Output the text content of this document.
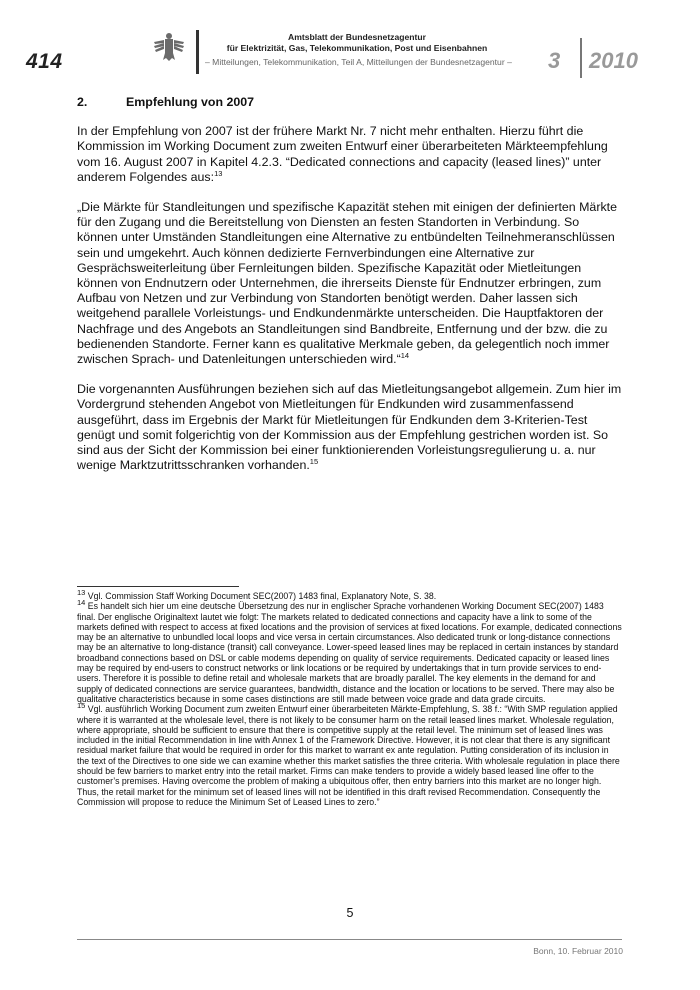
414
Amtsblatt der Bundesnetzagentur
für Elektrizität, Gas, Telekommunikation, Post und Eisenbahnen
– Mitteilungen, Telekommunikation, Teil A, Mitteilungen der Bundesnetzagentur – 3 2010
2.	Empfehlung von 2007

In der Empfehlung von 2007 ist der frühere Markt Nr. 7 nicht mehr enthalten. Hierzu führt die Kommission im Working Document zum zweiten Entwurf einer überarbeiteten Märkteempfehlung vom 16. August 2007 in Kapitel 4.2.3. “Dedicated connections and capacity (leased lines)” unter anderem Folgendes aus:$^{13}$

„Die Märkte für Standleitungen und spezifische Kapazität stehen mit einigen der definierten Märkte für den Zugang und die Bereitstellung von Diensten an festen Standorten in Verbindung. So können unter Umständen Standleitungen eine Alternative zu entbündelten Teilnehmeranschlüssen sein und umgekehrt. Auch können dedizierte Fernverbindungen eine Alternative zur Gesprächsweiterleitung über Fernleitungen bilden. Spezifische Kapazität oder Mietleitungen können von Endnutzern oder Unternehmen, die ihrerseits Dienste für Endnutzer erbringen, zum Aufbau von Netzen und zur Verbindung von Standorten benötigt werden. Daher lassen sich weitgehend parallele Vorleistungs- und Endkundenmärkte unterscheiden. Die Hauptfaktoren der Nachfrage und des Angebots an Standleitungen sind Bandbreite, Entfernung und der bzw. die zu bedienenden Standorte. Ferner kann es qualitative Merkmale geben, da gelegentlich noch immer zwischen Sprach- und Datenleitungen unterschieden wird.“$^{14}$

Die vorgenannten Ausführungen beziehen sich auf das Mietleitungsangebot allgemein. Zum hier im Vordergrund stehenden Angebot von Mietleitungen für Endkunden wird zusammenfassend ausgeführt, dass im Ergebnis der Markt für Mietleitungen für Endkunden dem 3-Kriterien-Test genügt und somit folgerichtig von der Kommission aus der Empfehlung gestrichen worden ist. So sind aus der Sicht der Kommission bei einer funktionierenden Vorleistungsregulierung u. a. nur wenige Marktzutrittsschranken vorhanden.$^{15}$

$^{13}$ Vgl. Commission Staff Working Document SEC(2007) 1483 final, Explanatory Note, S. 38.

$^{14}$ Es handelt sich hier um eine deutsche Übersetzung des nur in englischer Sprache vorhandenen Working Document SEC(2007) 1483 final. Der englische Originaltext lautet wie folgt: The markets related to dedicated connections and capacity have a link to some of the markets defined with respect to access at fixed locations and the provision of services at fixed locations. For example, dedicated connections may be an alternative to unbundled local loops and vice versa in certain circumstances. Also dedicated trunk or long-distance connections may be an alternative to long-distance (transit) call conveyance. Lower-speed leased lines may be replaced in certain instances by standard broadband connections based on DSL or cable modems depending on quality of service requirements. Dedicated capacity or leased lines may be required by end-users to construct networks or link locations or be required by undertakings that in turn provide services to end-users. Therefore it is possible to define retail and wholesale markets that are broadly parallel. The key elements in the demand for and supply of dedicated connections are service guarantees, bandwidth, distance and the location or locations to be served. There may also be qualitative characteristics because in some cases distinctions are still made between voice grade and data grade circuits.

$^{15}$ Vgl. ausführlich Working Document zum zweiten Entwurf einer überarbeiteten Märkte-Empfehlung, S. 38 f.: “With SMP regulation applied where it is warranted at the wholesale level, there is not likely to be consumer harm on the retail leased lines market. Wholesale regulation, where appropriate, should be sufficient to ensure that there is competitive supply at the retail level. The minimum set of leased lines was included in the initial Recommendation in line with Annex 1 of the Framework Directive. However, it is not clear that there is any significant residual market failure that would be required in order for this market to warrant ex ante regulation. Putting consideration of its inclusion in the text of the Directives to one side we can examine whether this market satisfies the three criteria. With wholesale regulation in place there should be few barriers to market entry into the retail market. Firms can make tenders to provide a widely based leased line offer to the customer’s premises. Having overcome the problem of making a ubiquitous offer, then entry barriers into this market are no longer high. Thus, the retail market for the minimum set of leased lines will not be identified in this draft revised Recommendation. Consequently the Commission will propose to reduce the Minimum Set of Leased Lines to zero.”

5
Bonn, 10. Februar 2010
